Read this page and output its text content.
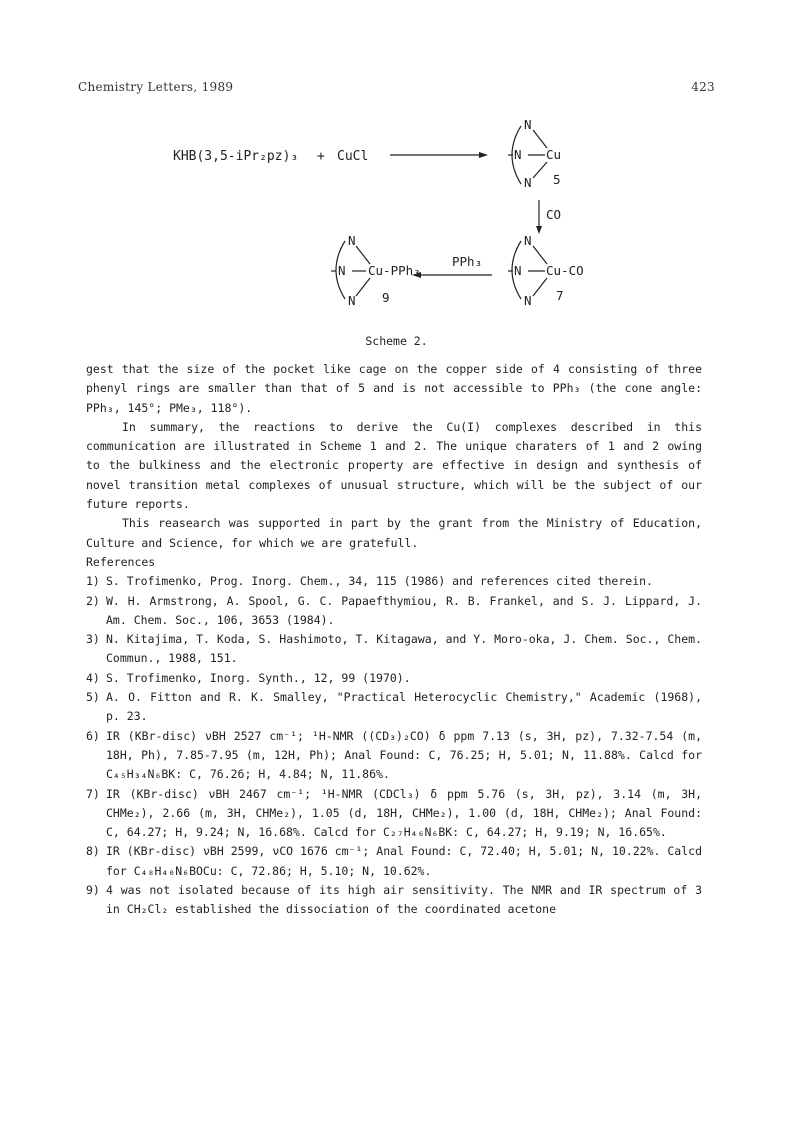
Chemistry Letters, 1989	423
KHB(3,5-iPr₂pz)₃ + CuCl
N
N
N
Cu
5
CO
N
N
N
Cu-CO
7
PPh₃
N
N
N
Cu-PPh₃
9
Scheme 2.

gest that the size of the pocket like cage on the copper side of 4 consisting of three phenyl rings are smaller than that of 5 and is not accessible to PPh₃ (the cone angle: PPh₃, 145°; PMe₃, 118°).

In summary, the reactions to derive the Cu(I) complexes described in this communication are illustrated in Scheme 1 and 2. The unique charaters of 1 and 2 owing to the bulkiness and the electronic property are effective in design and synthesis of novel transition metal complexes of unusual structure, which will be the subject of our future reports.

This reasearch was supported in part by the grant from the Ministry of Education, Culture and Science, for which we are gratefull.

References

1) S. Trofimenko, Prog. Inorg. Chem., 34, 115 (1986) and references cited therein.
2) W. H. Armstrong, A. Spool, G. C. Papaefthymiou, R. B. Frankel, and S. J. Lippard, J. Am. Chem. Soc., 106, 3653 (1984).
3) N. Kitajima, T. Koda, S. Hashimoto, T. Kitagawa, and Y. Moro-oka, J. Chem. Soc., Chem. Commun., 1988, 151.
4) S. Trofimenko, Inorg. Synth., 12, 99 (1970).
5) A. O. Fitton and R. K. Smalley, "Practical Heterocyclic Chemistry," Academic (1968), p. 23.
6) IR (KBr-disc) νBH 2527 cm⁻¹; ¹H-NMR ((CD₃)₂CO) δ ppm 7.13 (s, 3H, pz), 7.32-7.54 (m, 18H, Ph), 7.85-7.95 (m, 12H, Ph); Anal Found: C, 76.25; H, 5.01; N, 11.88%. Calcd for C₄₅H₃₄N₆BK: C, 76.26; H, 4.84; N, 11.86%.
7) IR (KBr-disc) νBH 2467 cm⁻¹; ¹H-NMR (CDCl₃) δ ppm 5.76 (s, 3H, pz), 3.14 (m, 3H, CHMe₂), 2.66 (m, 3H, CHMe₂), 1.05 (d, 18H, CHMe₂), 1.00 (d, 18H, CHMe₂); Anal Found: C, 64.27; H, 9.24; N, 16.68%. Calcd for C₂₇H₄₆N₆BK: C, 64.27; H, 9.19; N, 16.65%.
8) IR (KBr-disc) νBH 2599, νCO 1676 cm⁻¹; Anal Found: C, 72.40; H, 5.01; N, 10.22%. Calcd for C₄₈H₄₀N₆BOCu: C, 72.86; H, 5.10; N, 10.62%.
9) 4 was not isolated because of its high air sensitivity. The NMR and IR spectrum of 3 in CH₂Cl₂ established the dissociation of the coordinated acetone
